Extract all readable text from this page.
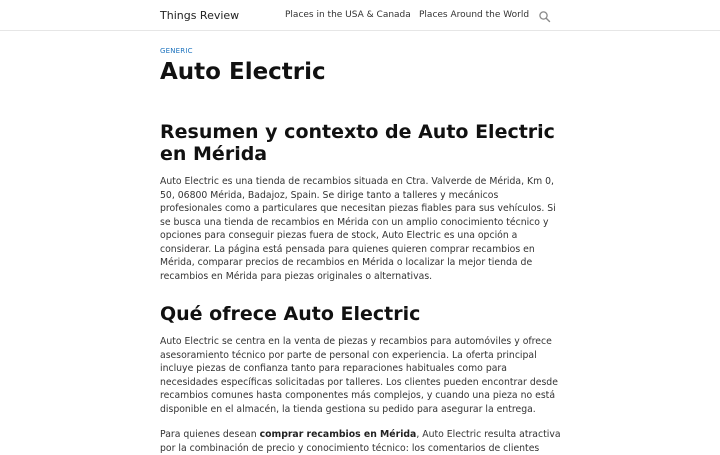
Things Review	Places in the USA & Canada Places Around the World
GENERIC
Auto Electric
Resumen y contexto de Auto Electric en Mérida

Auto Electric es una tienda de recambios situada en Ctra. Valverde de Mérida, Km 0, 50, 06800 Mérida, Badajoz, Spain. Se dirige tanto a talleres y mecánicos profesionales como a particulares que necesitan piezas fiables para sus vehículos. Si se busca una tienda de recambios en Mérida con un amplio conocimiento técnico y opciones para conseguir piezas fuera de stock, Auto Electric es una opción a considerar. La página está pensada para quienes quieren comprar recambios en Mérida, comparar precios de recambios en Mérida o localizar la mejor tienda de recambios en Mérida para piezas originales o alternativas.

Qué ofrece Auto Electric

Auto Electric se centra en la venta de piezas y recambios para automóviles y ofrece asesoramiento técnico por parte de personal con experiencia. La oferta principal incluye piezas de confianza tanto para reparaciones habituales como para necesidades específicas solicitadas por talleres. Los clientes pueden encontrar desde recambios comunes hasta componentes más complejos, y cuando una pieza no está disponible en el almacén, la tienda gestiona su pedido para asegurar la entrega.

Para quienes desean comprar recambios en Mérida, Auto Electric resulta atractiva por la combinación de precio y conocimiento técnico: los comentarios de clientes
